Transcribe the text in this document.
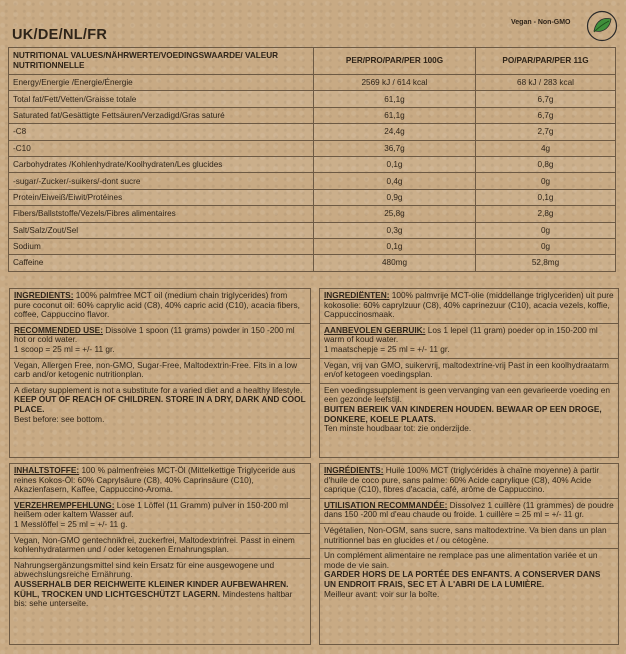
UK/DE/NL/FR
Vegan - Non-GMO
NUTRITIONAL VALUES/NÄHRWERTE/VOEDINGSWAARDE/ VALEUR NUTRITIONNELLE	PER/PRO/PAR/PER 100G	PO/PAR/PAR/PER 11G
Energy/Energie /Energie/Énergie	2569 kJ / 614 kcal	68 kJ / 283 kcal
Total fat/Fett/Vetten/Graisse totale	61,1g	6,7g
Saturated fat/Gesättigte Fettsäuren/Verzadigd/Gras saturé	61,1g	6,7g
-C8	24,4g	2,7g
-C10	36,7g	4g
Carbohydrates /Kohlenhydrate/Koolhydraten/Les glucides	0,1g	0,8g
-sugar/-Zucker/-suikers/-dont sucre	0,4g	0g
Protein/Eiweiß/Eiwit/Protéines	0,9g	0,1g
Fibers/Ballststoffe/Vezels/Fibres alimentaires	25,8g	2,8g
Salt/Salz/Zout/Sel	0,3g	0g
Sodium	0,1g	0g
Caffeine	480mg	52,8mg
INGREDIENTS: 100% palmfree MCT oil (medium chain triglycerides) from pure coconut oil: 60% caprylic acid (C8), 40% capric acid (C10), acacia fibers, coffee, Cappuccino flavor.
RECOMMENDED USE: Dissolve 1 spoon (11 grams) powder in 150 -200 ml hot or cold water.
1 scoop = 25 ml = +/- 11 gr.
Vegan, Allergen Free, non-GMO, Sugar-Free, Maltodextrin-Free. Fits in a low carb and/or ketogenic nutritionplan.
A dietary supplement is not a substitute for a varied diet and a healthy lifestyle.
KEEP OUT OF REACH OF CHILDREN. STORE IN A DRY, DARK AND COOL PLACE.
Best before: see bottom.
INGREDIËNTEN: 100% palmvrije MCT-olie (middellange triglyceriden) uit pure kokosolie: 60% caprylzuur (C8), 40% caprinezuur (C10), acacia vezels, koffie, Cappuccinosmaak.
AANBEVOLEN GEBRUIK: Los 1 lepel (11 gram) poeder op in 150-200 ml warm of koud water.
1 maatschepje = 25 ml = +/- 11 gr.
Vegan, vrij van GMO, suikervrij, maltodextrine-vrij Past in een koolhydraatarm en/of ketogeen voedingsplan.
Een voedingssupplement is geen vervanging van een gevarieerde voeding en een gezonde leefstijl.
BUITEN BEREIK VAN KINDEREN HOUDEN. BEWAAR OP EEN DROGE, DONKERE, KOELE PLAATS.
Ten minste houdbaar tot: zie onderzijde.
INHALTSTOFFE: 100 % palmenfreies MCT-Öl (Mittelkettige Triglyceride aus reines Kokos-Öl: 60% Caprylsäure (C8), 40% Caprinsäure (C10), Akazienfasern, Kaffee, Cappuccino-Aroma.
VERZEHREMPFEHLUNG: Lose 1 Löffel (11 Gramm) pulver in 150-200 ml heißem oder kaltem Wasser auf.
1 Messlöffel = 25 ml = +/- 11 g.
Vegan, Non-GMO gentechnikfrei, zuckerfrei, Maltodextrinfrei. Passt in einem kohlenhydratarmen und / oder ketogenen Ernahrungsplan.
Nahrungsergänzungsmittel sind kein Ersatz für eine ausgewogene und abwechslungsreiche Ernährung.
AUSSERHALB DER REICHWEITE KLEINER KINDER AUFBEWAHREN. KÜHL, TROCKEN UND LICHTGESCHÜTZT LAGERN. Mindestens haltbar bis: sehe unterseite.
INGRÉDIENTS: Huile 100% MCT (triglycérides à chaîne moyenne) à partir d'huile de coco pure, sans palme: 60% Acide caprylique (C8), 40% Acide caprique (C10), fibres d'acacia, café, arôme de Cappuccino.
UTILISATION RECOMMANDÉE: Dissolvez 1 cuillère (11 grammes) de poudre dans 150 -200 ml d'eau chaude ou froide. 1 cuillère = 25 ml = +/- 11 gr.
Végétalien, Non-OGM, sans sucre, sans maltodextrine. Va bien dans un plan nutritionnel bas en glucides et / ou cétogène.
Un complément alimentaire ne remplace pas une alimentation variée et un mode de vie sain.
GARDER HORS DE LA PORTÉE DES ENFANTS. A CONSERVER DANS UN ENDROIT FRAIS, SEC ET À L'ABRI DE LA LUMIÈRE.
Meilleur avant: voir sur la boîte.
